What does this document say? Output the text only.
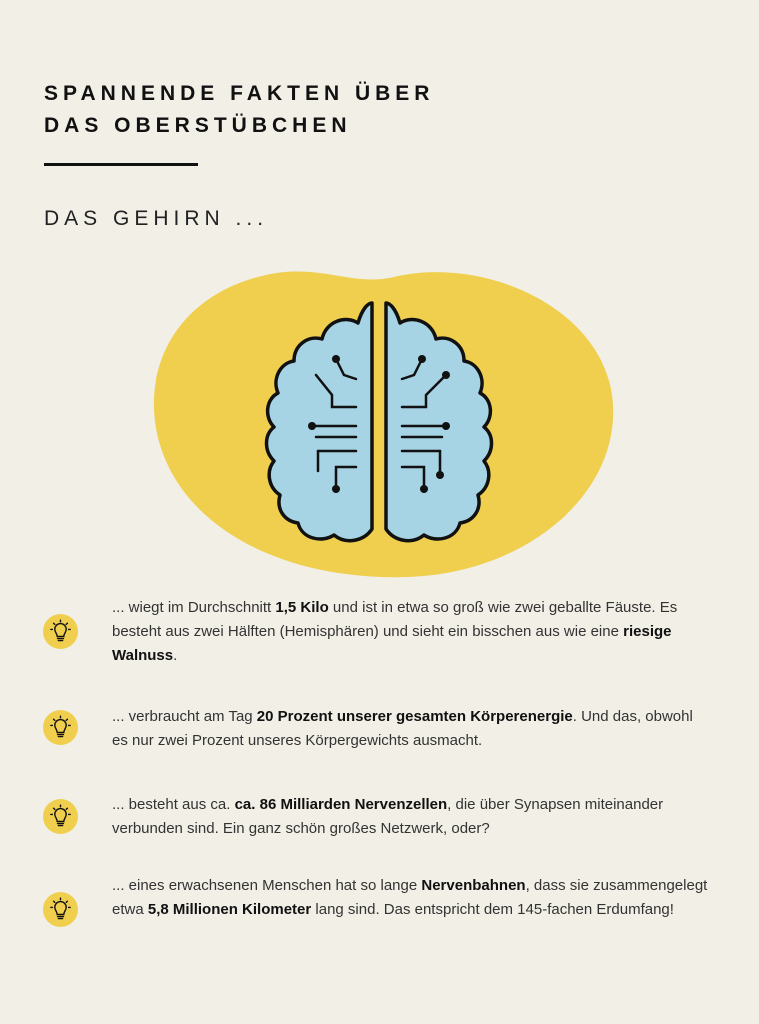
SPANNENDE FAKTEN ÜBER
DAS OBERSTÜBCHEN
DAS GEHIRN ...
... wiegt im Durchschnitt 1,5 Kilo und ist in etwa so groß wie zwei geballte Fäuste. Es besteht aus zwei Hälften (Hemisphären) und sieht ein bisschen aus wie eine riesige Walnuss.
... verbraucht am Tag 20 Prozent unserer gesamten Körperenergie. Und das, obwohl es nur zwei Prozent unseres Körpergewichts ausmacht.
... besteht aus ca. ca. 86 Milliarden Nervenzellen, die über Synapsen miteinander verbunden sind. Ein ganz schön großes Netzwerk, oder?
... eines erwachsenen Menschen hat so lange Nervenbahnen, dass sie zusammengelegt etwa 5,8 Millionen Kilometer lang sind. Das entspricht dem 145-fachen Erdumfang!
